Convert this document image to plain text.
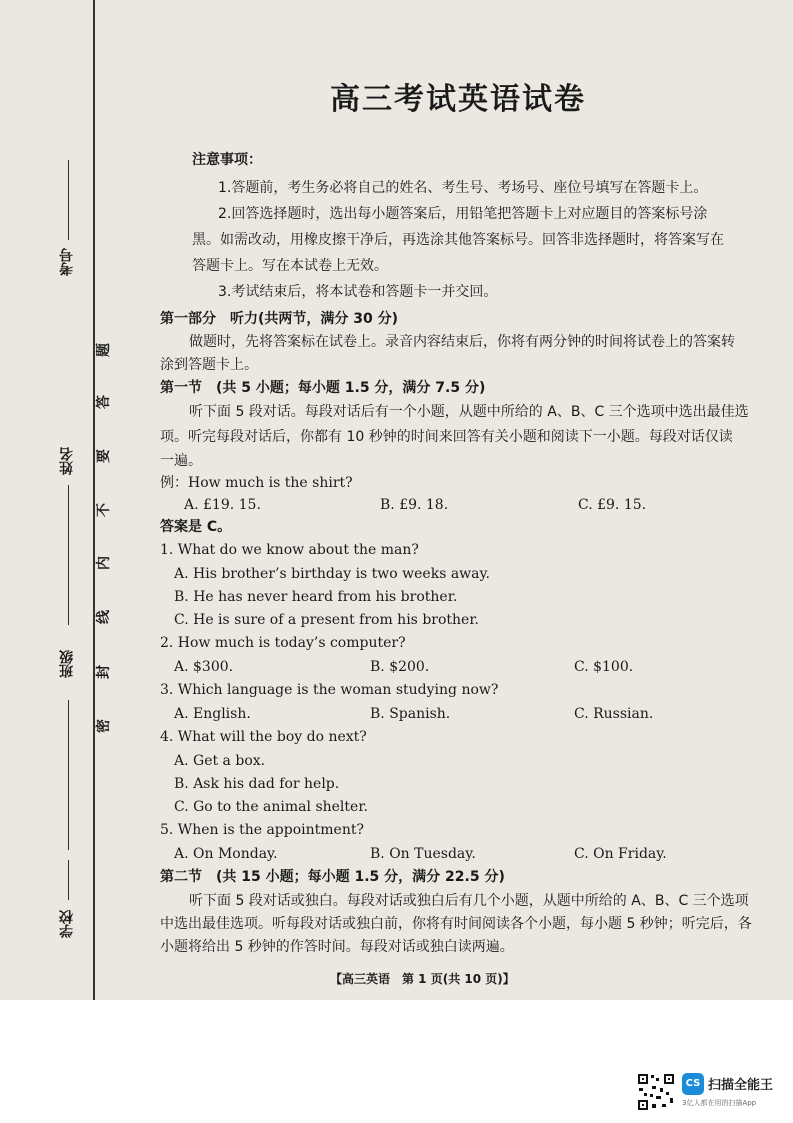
考号
姓名
班级
学校
题
答
要
不
内
线
封
密
高三考试英语试卷
注意事项：
1.答题前，考生务必将自己的姓名、考生号、考场号、座位号填写在答题卡上。
2.回答选择题时，选出每小题答案后，用铅笔把答题卡上对应题目的答案标号涂
黑。如需改动，用橡皮擦干净后，再选涂其他答案标号。回答非选择题时，将答案写在
答题卡上。写在本试卷上无效。
3.考试结束后，将本试卷和答题卡一并交回。
第一部分　听力(共两节，满分 30 分)
做题时，先将答案标在试卷上。录音内容结束后，你将有两分钟的时间将试卷上的答案转
涂到答题卡上。
第一节　(共 5 小题；每小题 1.5 分，满分 7.5 分)
听下面 5 段对话。每段对话后有一个小题，从题中所给的 A、B、C 三个选项中选出最佳选
项。听完每段对话后，你都有 10 秒钟的时间来回答有关小题和阅读下一小题。每段对话仅读
一遍。
例：How much is the shirt?
A. £19. 15.	B. £9. 18.	C. £9. 15.
答案是 C。
1. What do we know about the man?
A. His brother’s birthday is two weeks away.
B. He has never heard from his brother.
C. He is sure of a present from his brother.
2. How much is today’s computer?
A. $300.	B. $200.	C. $100.
3. Which language is the woman studying now?
A. English.	B. Spanish.	C. Russian.
4. What will the boy do next?
A. Get a box.
B. Ask his dad for help.
C. Go to the animal shelter.
5. When is the appointment?
A. On Monday.	B. On Tuesday.	C. On Friday.
第二节　(共 15 小题；每小题 1.5 分，满分 22.5 分)
听下面 5 段对话或独白。每段对话或独白后有几个小题，从题中所给的 A、B、C 三个选项
中选出最佳选项。听每段对话或独白前，你将有时间阅读各个小题，每小题 5 秒钟；听完后，各
小题将给出 5 秒钟的作答时间。每段对话或独白读两遍。
【高三英语　第 1 页(共 10 页)】
CS 扫描全能王
3亿人都在用的扫描App
